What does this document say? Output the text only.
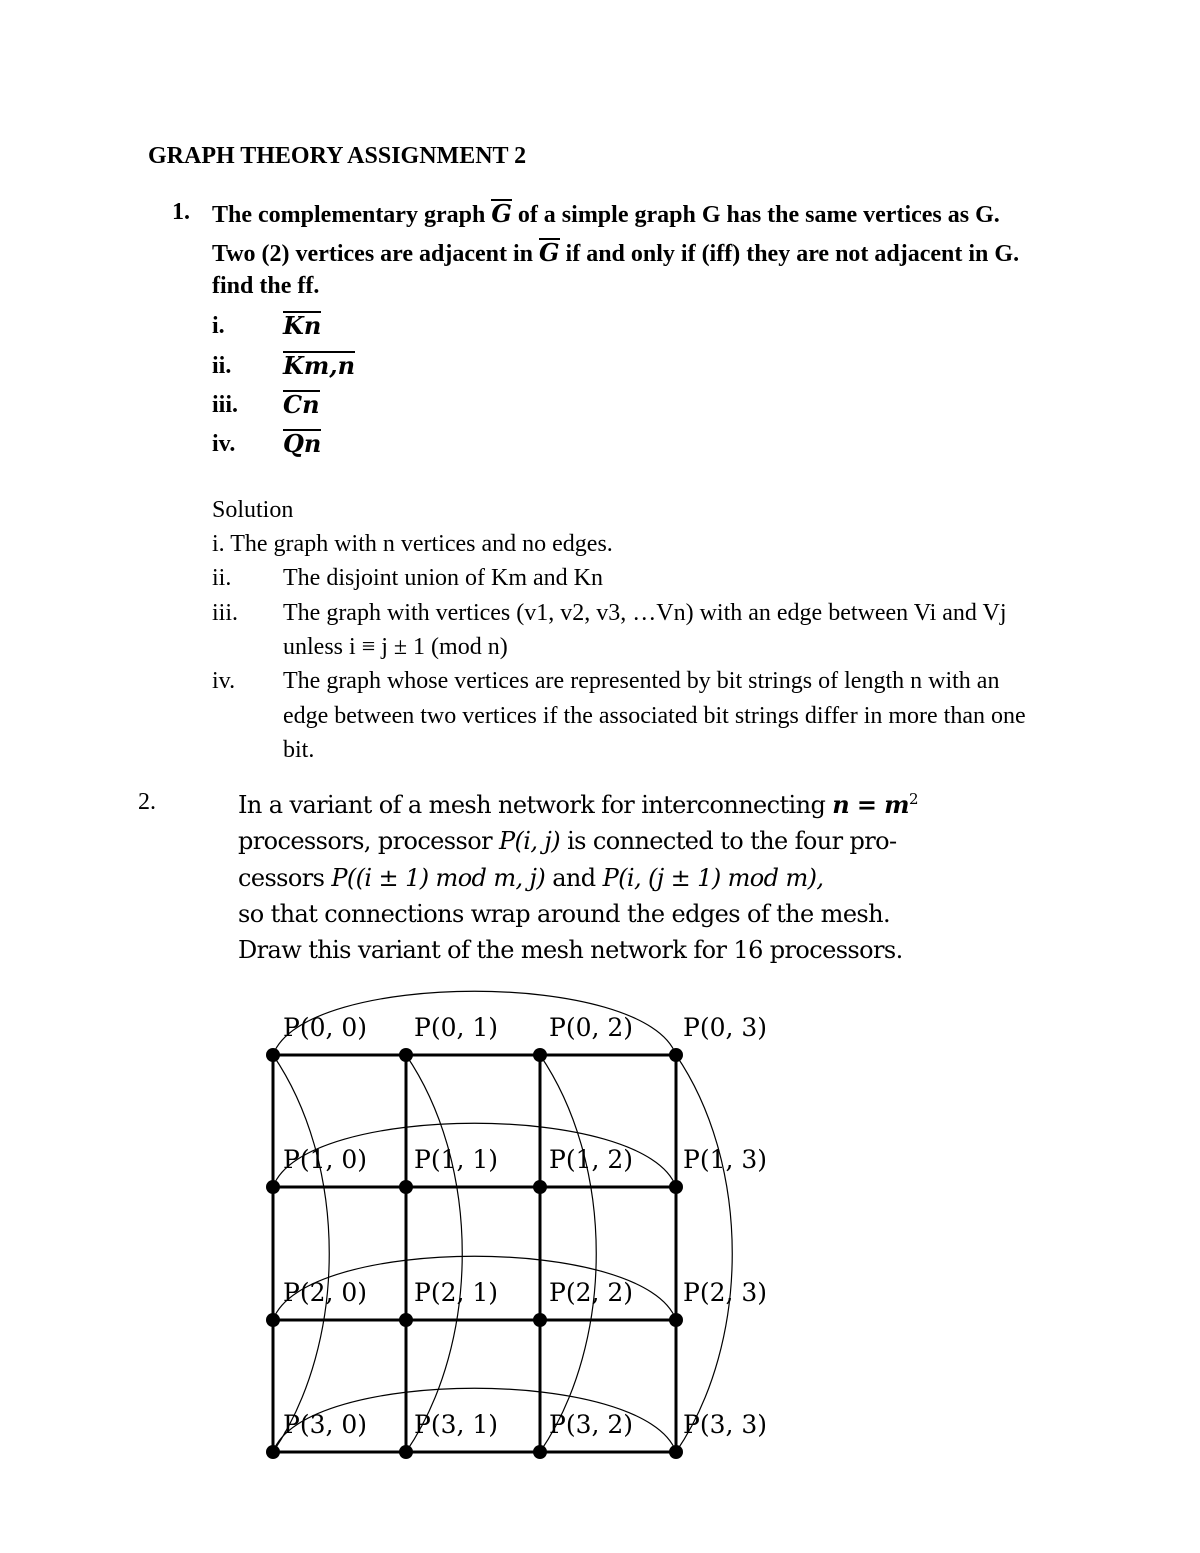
GRAPH THEORY ASSIGNMENT 2
1. The complementary graph G of a simple graph G has the same vertices as G.
Two (2) vertices are adjacent in G if and only if (iff) they are not adjacent in G.
find the ff.
i. Kn
ii. Km,n
iii. Cn
iv. Qn
Solution
i. The graph with n vertices and no edges.
ii. The disjoint union of Km and Kn
iii. The graph with vertices (v1, v2, v3, …Vn) with an edge between Vi and Vj
unless i ≡ j ± 1 (mod n)
iv. The graph whose vertices are represented by bit strings of length n with an
edge between two vertices if the associated bit strings differ in more than one
bit.
2.	In a variant of a mesh network for interconnecting $n = m^2$
processors, processor P(i, j) is connected to the four pro-
cessors P((i ± 1) mod m, j) and P(i, (j ± 1) mod m),
so that connections wrap around the edges of the mesh.
Draw this variant of the mesh network for 16 processors.
P(0, 0) P(0, 1) P(0, 2) P(0, 3)
P(1, 0) P(1, 1) P(1, 2) P(1, 3)
P(2, 0) P(2, 1) P(2, 2) P(2, 3)
P(3, 0) P(3, 1) P(3, 2) P(3, 3)
